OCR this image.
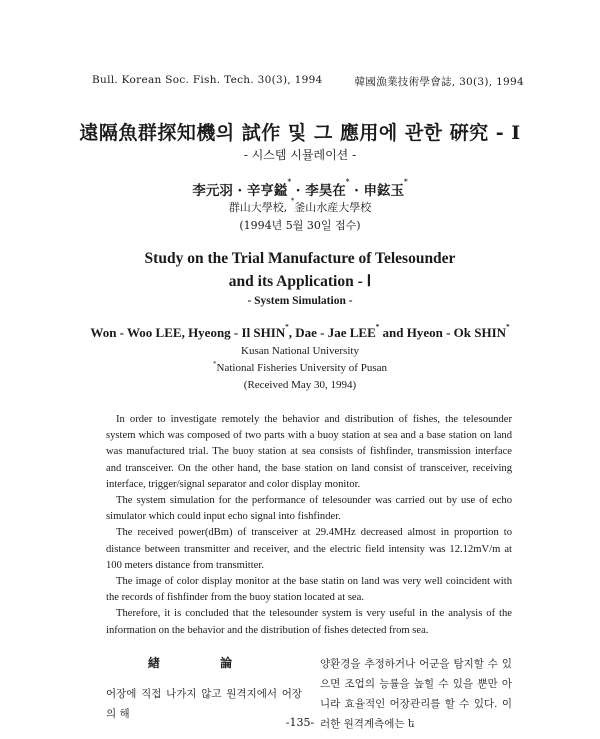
Bull. Korean Soc. Fish. Tech. 30(3), 1994	韓國漁業技術學會誌, 30(3), 1994
遠隔魚群探知機의 試作 및 그 應用에 관한 硏究 - Ⅰ
- 시스템 시뮬레이션 -
李元羽 · 辛亨鎰* · 李昊在* · 申鉉玉*
群山大學校, *釜山水産大學校
(1994년 5월 30일 접수)
Study on the Trial Manufacture of Telesounder
and its Application - Ⅰ
- System Simulation -
Won - Woo LEE, Hyeong - Il SHIN*, Dae - Jae LEE* and Hyeon - Ok SHIN*
Kusan National University
*National Fisheries University of Pusan
(Received May 30, 1994)

In order to investigate remotely the behavior and distribution of fishes, the telesounder system which was composed of two parts with a buoy station at sea and a base station on land was manufactured trial. The buoy station at sea consists of fishfinder, transmission interface and transceiver. On the other hand, the base station on land consist of transceiver, receiving interface, trigger/signal separator and color display monitor.

The system simulation for the performance of telesounder was carried out by use of echo simulator which could input echo signal into fishfinder.

The received power(dBm) of transceiver at 29.4MHz decreased almost in proportion to distance between transmitter and receiver, and the electric field intensity was 12.12mV/m at 100 meters distance from transmitter.

The image of color display monitor at the base statin on land was very well coincident with the records of fishfinder from the buoy station located at sea.

Therefore, it is concluded that the telesounder system is very useful in the analysis of the information on the behavior and the distribution of fishes detected from sea.

緖 論
어장에 직접 나가지 않고 원격지에서 어장의 해
양환경을 추정하거나 어군을 탐지할 수 있으면 조업의 능률을 높힐 수 있을 뿐만 아니라 효율적인 어장관리를 할 수 있다. 이러한 원격계측에는 ե
-135-
